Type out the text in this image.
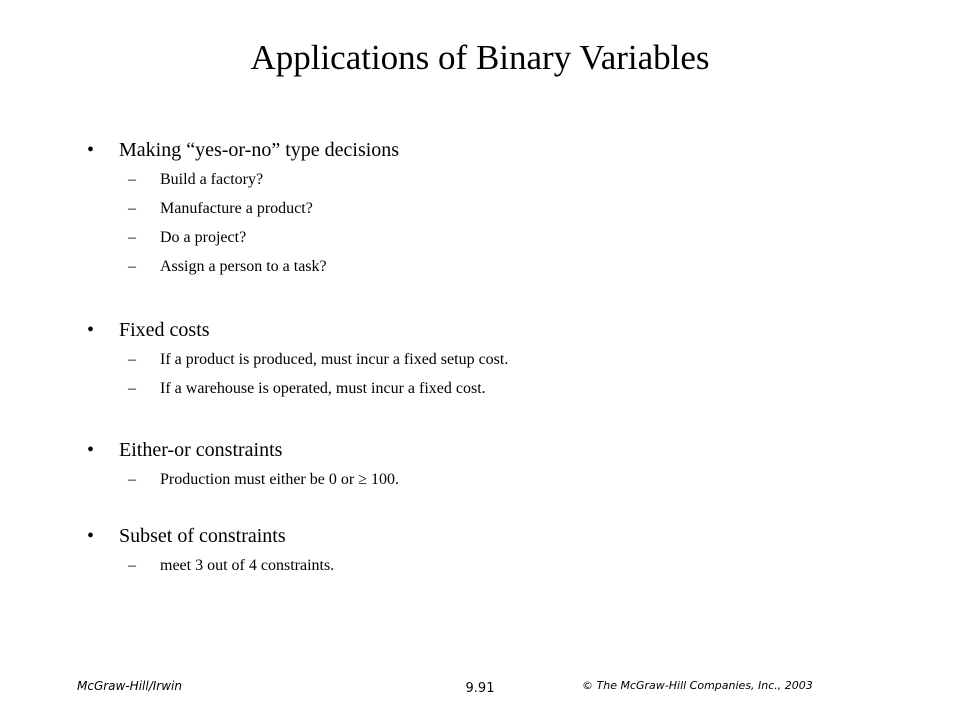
Applications of Binary Variables
• Making “yes-or-no” type decisions
– Build a factory?
– Manufacture a product?
– Do a project?
– Assign a person to a task?
• Fixed costs
– If a product is produced, must incur a fixed setup cost.
– If a warehouse is operated, must incur a fixed cost.
• Either-or constraints
– Production must either be 0 or ≥ 100.
• Subset of constraints
– meet 3 out of 4 constraints.
McGraw-Hill/Irwin	9.91	© The McGraw-Hill Companies, Inc., 2003
